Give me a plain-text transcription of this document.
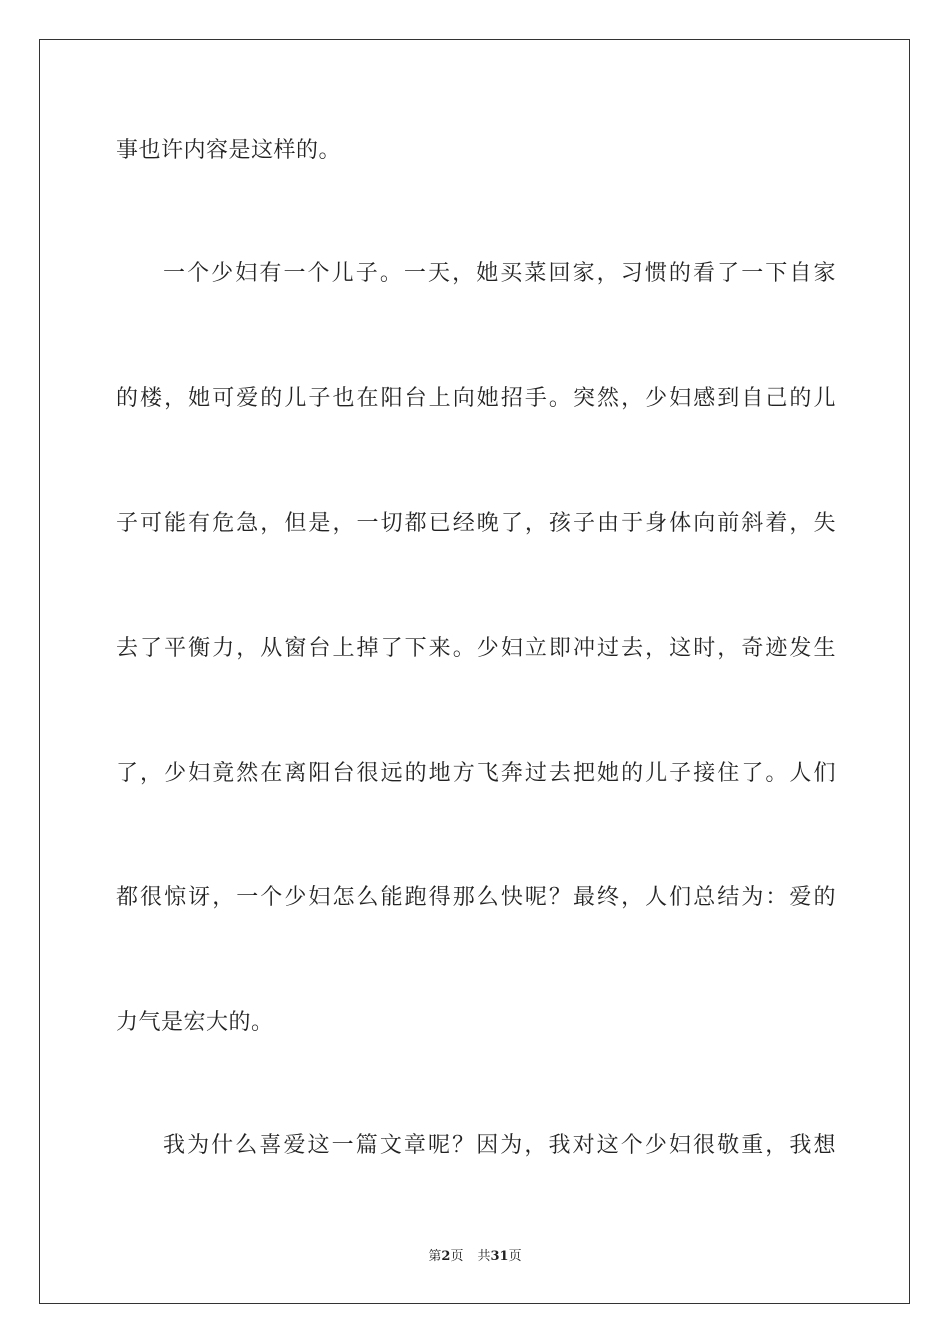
事也许内容是这样的。
一个少妇有一个儿子。一天，她买菜回家，习惯的看了一下自家
的楼，她可爱的儿子也在阳台上向她招手。突然，少妇感到自己的儿
子可能有危急，但是，一切都已经晚了，孩子由于身体向前斜着，失
去了平衡力，从窗台上掉了下来。少妇立即冲过去，这时，奇迹发生
了，少妇竟然在离阳台很远的地方飞奔过去把她的儿子接住了。人们
都很惊讶，一个少妇怎么能跑得那么快呢？最终，人们总结为：爱的
力气是宏大的。
我为什么喜爱这一篇文章呢？因为，我对这个少妇很敬重，我想
第2页 共31页
